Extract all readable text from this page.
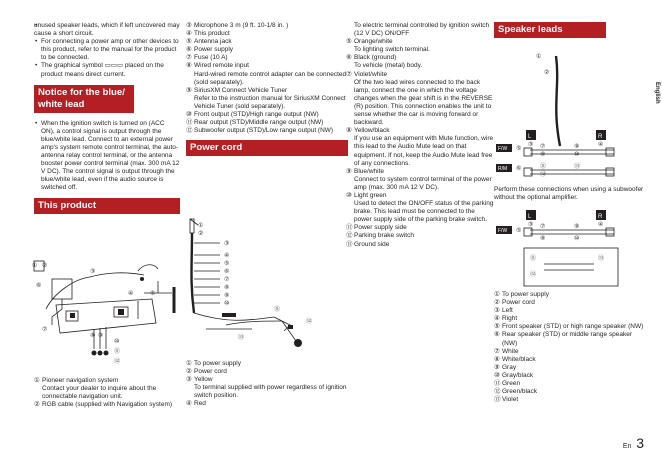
• unused speaker leads, which if left uncovered may cause a short circuit.
• For connecting a power amp or other devices to this product, refer to the manual for the product to be connected.
• The graphical symbol ▭▭▭ placed on the product means direct current.
Notice for the blue/ white lead
• When the ignition switch is turned on (ACC ON), a control signal is output through the blue/white lead. Connect to an external power amp's system remote control terminal, the auto-antenna relay control terminal, or the antenna booster power control terminal (max. 300 mA 12 V DC). The control signal is output through the blue/white lead, even if the audio source is switched off.
This product
① ②
③
④	⑤
⑥
⑦
⑧ ⑨
⑩
⑪
⑫
① Pioneer navigation system

Contact your dealer to inquire about the connectable navigation unit.

② RGB cable (supplied with Navigation system)

③ Microphone 3 m (9 ft. 10-1/8 in. )

④ This product

⑤ Antenna jack

⑥ Power supply

⑦ Fuse (10 A)

⑧ Wired remote input

Hard-wired remote control adapter can be connected (sold separately).

⑨ SiriusXM Connect Vehicle Tuner

Refer to the instruction manual for SiriusXM Connect Vehicle Tuner (sold separately).

⑩ Front output (STD)/High range output (NW)

⑪ Rear output (STD)/Middle range output (NW)

⑫ Subwoofer output (STD)/Low range output (NW)

Power cord
①
②
③
④
⑤
⑥
⑦
⑧
⑨
⑩
⑪
⑫
⑬
① To power supply

② Power cord

③ Yellow

To terminal supplied with power regardless of ignition switch position.

④ Red

To electric terminal controlled by ignition switch (12 V DC) ON/OFF

⑤ Orange/white

To lighting switch terminal.

⑥ Black (ground)

To vehicle (metal) body.

⑦ Violet/white

Of the two lead wires connected to the back lamp, connect the one in which the voltage changes when the gear shift is in the REVERSE (R) position. This connection enables the unit to sense whether the car is moving forward or backward.

⑧ Yellow/black

If you use an equipment with Mute function, wire this lead to the Audio Mute lead on that equipment. If not, keep the Audio Mute lead free of any connections.

⑨ Blue/white

Connect to system control terminal of the power amp (max. 300 mA 12 V DC).

⑩ Light green

Used to detect the ON/OFF status of the parking brake. This lead must be connected to the power supply side of the parking brake switch.

⑪ Power supply side

⑫ Parking brake switch

⑬ Ground side

Speaker leads
①
②
L	R
③	④
F/W
R/M
⑤
⑥
⑦
⑧
⑨
⑩
⑪
⑫
⑬

Perform these connections when using a subwoofer without the optional amplifier.

L	R
③	④
F/W ⑤
⑦
⑧
⑨
⑩
⑪
⑫
⑬
① To power supply

② Power cord

③ Left

④ Right

⑤ Front speaker (STD) or high range speaker (NW)

⑥ Rear speaker (STD) or middle range speaker (NW)

⑦ White

⑧ White/black

⑨ Gray

⑩ Gray/black

⑪ Green

⑫ Green/black

⑬ Violet

English
En 3
